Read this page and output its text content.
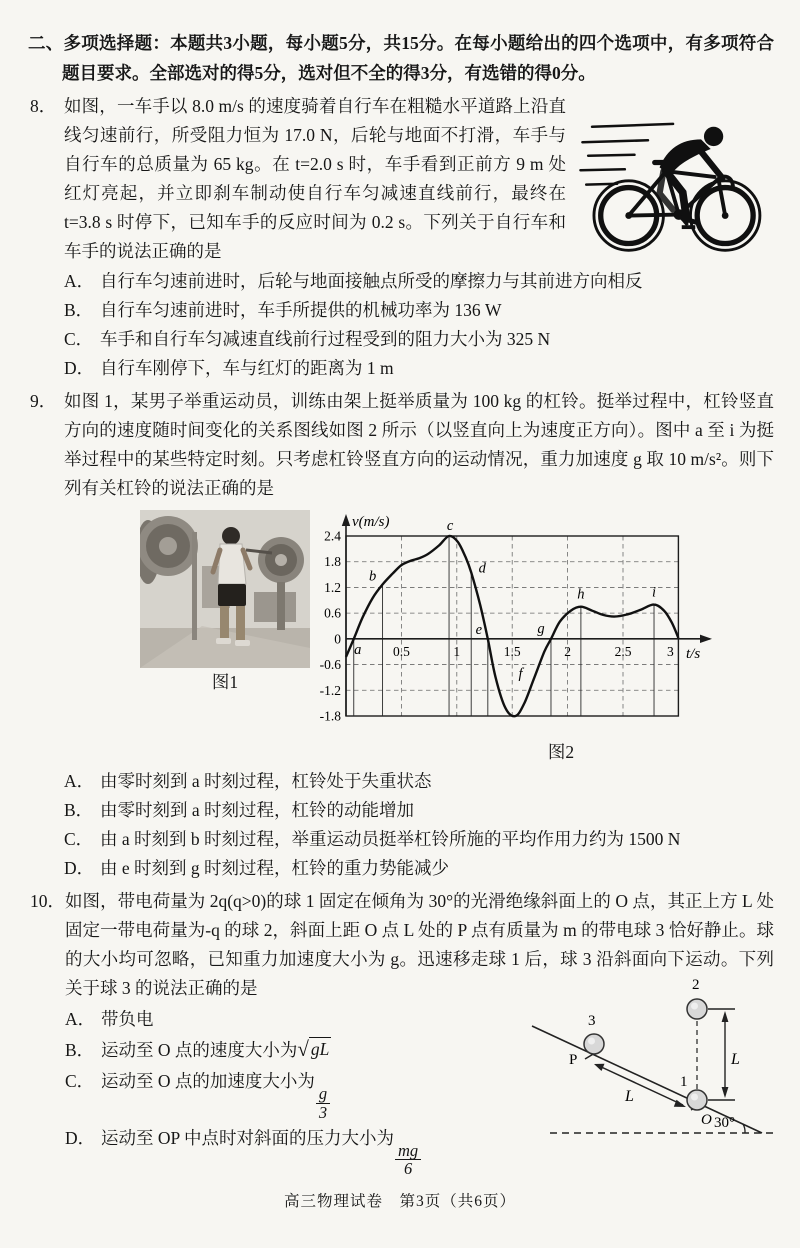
二、多项选择题：本题共3小题，每小题5分，共15分。在每小题给出的四个选项中，有多项符合题目要求。全部选对的得5分，选对但不全的得3分，有选错的得0分。

8． 如图，一车手以 8.0 m/s 的速度骑着自行车在粗糙水平道路上沿直线匀速前行，所受阻力恒为 17.0 N，后轮与地面不打滑，车手与自行车的总质量为 65 kg。在 t=2.0 s 时，车手看到正前方 9 m 处红灯亮起，并立即刹车制动使自行车匀减速直线前行，最终在 t=3.8 s 时停下，已知车手的反应时间为 0.2 s。下列关于自行车和车手的说法正确的是

A． 自行车匀速前进时，后轮与地面接触点所受的摩擦力与其前进方向相反
B． 自行车匀速前进时，车手所提供的机械功率为 136 W
C． 车手和自行车匀减速直线前行过程受到的阻力大小为 325 N
D． 自行车刚停下，车与红灯的距离为 1 m
9． 如图 1，某男子举重运动员，训练由架上挺举质量为 100 kg 的杠铃。挺举过程中，杠铃竖直方向的速度随时间变化的关系图线如图 2 所示（以竖直向上为速度正方向）。图中 a 至 i 为挺举过程中的某些特定时刻。只考虑杠铃竖直方向的运动情况，重力加速度 g 取 10 m/s²。则下列有关杠铃的说法正确的是

图1
v(m/s)
t/s
0.5	1	1.5	2	2.5	3
2.4
1.8
1.2
0.6
0
-0.6
-1.2
-1.8
a
b
c
d
e
f
g
h	i
图2
A． 由零时刻到 a 时刻过程，杠铃处于失重状态
B． 由零时刻到 a 时刻过程，杠铃的动能增加
C． 由 a 时刻到 b 时刻过程，举重运动员挺举杠铃所施的平均作用力约为 1500 N
D． 由 e 时刻到 g 时刻过程，杠铃的重力势能减少
10． 如图，带电荷量为 2q(q>0)的球 1 固定在倾角为 30°的光滑绝缘斜面上的 O 点，其正上方 L 处固定一带电荷量为-q 的球 2，斜面上距 O 点 L 处的 P 点有质量为 m 的带电球 3 恰好静止。球的大小均可忽略，已知重力加速度大小为 g。迅速移走球 1 后，球 3 沿斜面向下运动。下列关于球 3 的说法正确的是

30°
L
L
3
2
1
P
O
A． 带负电
B． 运动至 O 点的速度大小为 √ gL
C． 运动至 O 点的加速度大小为
$\frac{g}{3}$
D． 运动至 OP 中点时对斜面的压力大小为
$\frac{mg}{6}$
高三物理试卷　第3页（共6页）
